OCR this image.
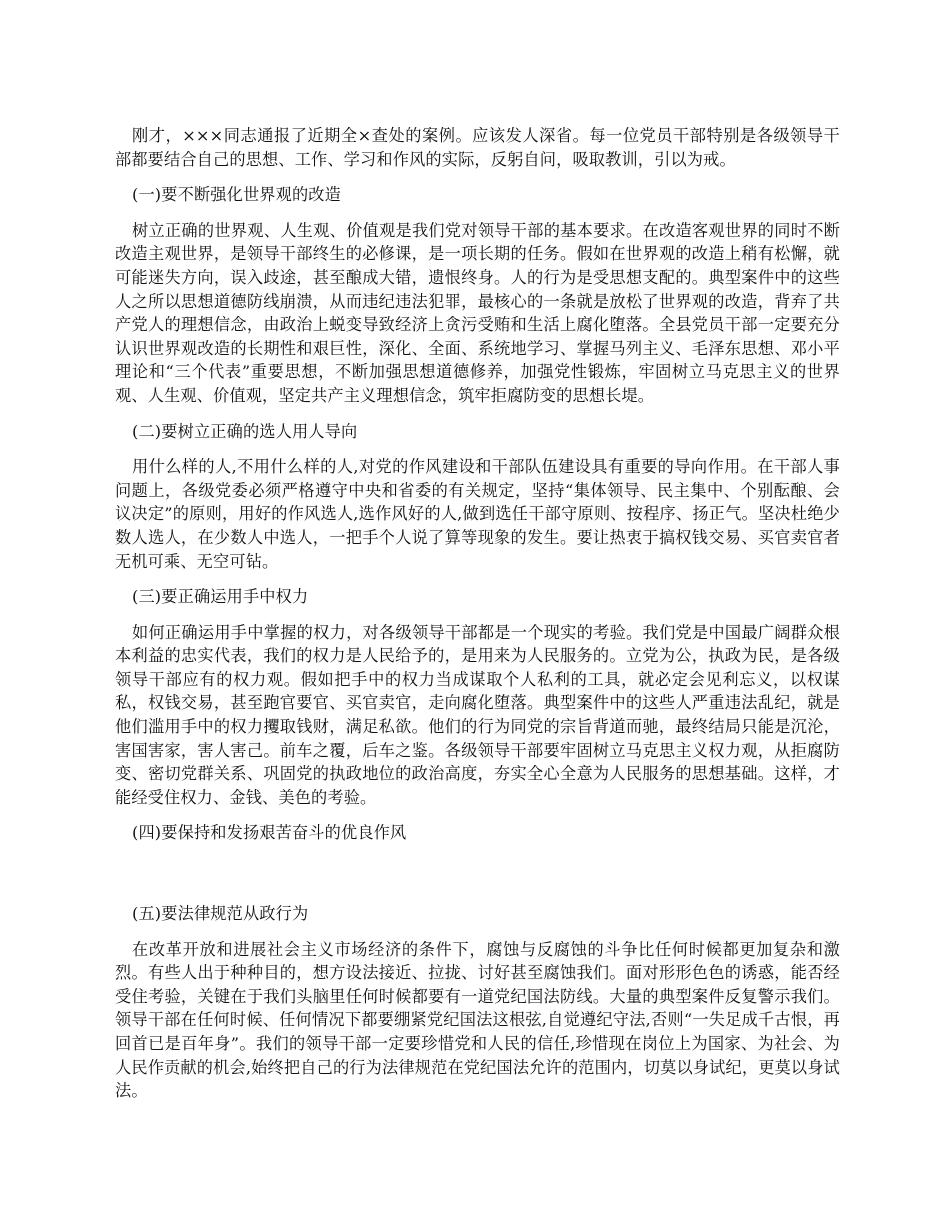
刚才，×××同志通报了近期全×查处的案例。应该发人深省。每一位党员干部特别是各级领导干部都要结合自己的思想、工作、学习和作风的实际，反躬自问，吸取教训，引以为戒。

(一)要不断强化世界观的改造

树立正确的世界观、人生观、价值观是我们党对领导干部的基本要求。在改造客观世界的同时不断改造主观世界，是领导干部终生的必修课，是一项长期的任务。假如在世界观的改造上稍有松懈，就可能迷失方向，误入歧途，甚至酿成大错，遗恨终身。人的行为是受思想支配的。典型案件中的这些人之所以思想道德防线崩溃，从而违纪违法犯罪，最核心的一条就是放松了世界观的改造，背弃了共产党人的理想信念，由政治上蜕变导致经济上贪污受贿和生活上腐化堕落。全县党员干部一定要充分认识世界观改造的长期性和艰巨性，深化、全面、系统地学习、掌握马列主义、毛泽东思想、邓小平理论和“三个代表”重要思想，不断加强思想道德修养，加强党性锻炼，牢固树立马克思主义的世界观、人生观、价值观，坚定共产主义理想信念，筑牢拒腐防变的思想长堤。

(二)要树立正确的选人用人导向

用什么样的人,不用什么样的人,对党的作风建设和干部队伍建设具有重要的导向作用。在干部人事问题上，各级党委必须严格遵守中央和省委的有关规定，坚持“集体领导、民主集中、个别酝酿、会议决定”的原则，用好的作风选人,选作风好的人,做到选任干部守原则、按程序、扬正气。坚决杜绝少数人选人，在少数人中选人，一把手个人说了算等现象的发生。要让热衷于搞权钱交易、买官卖官者无机可乘、无空可钻。

(三)要正确运用手中权力

如何正确运用手中掌握的权力，对各级领导干部都是一个现实的考验。我们党是中国最广阔群众根本利益的忠实代表，我们的权力是人民给予的，是用来为人民服务的。立党为公，执政为民，是各级领导干部应有的权力观。假如把手中的权力当成谋取个人私利的工具，就必定会见利忘义，以权谋私，权钱交易，甚至跑官要官、买官卖官，走向腐化堕落。典型案件中的这些人严重违法乱纪，就是他们滥用手中的权力攫取钱财，满足私欲。他们的行为同党的宗旨背道而驰，最终结局只能是沉沦，害国害家，害人害己。前车之覆，后车之鉴。各级领导干部要牢固树立马克思主义权力观，从拒腐防变、密切党群关系、巩固党的执政地位的政治高度，夯实全心全意为人民服务的思想基础。这样，才能经受住权力、金钱、美色的考验。

(四)要保持和发扬艰苦奋斗的优良作风

(五)要法律规范从政行为

在改革开放和进展社会主义市场经济的条件下，腐蚀与反腐蚀的斗争比任何时候都更加复杂和激烈。有些人出于种种目的，想方设法接近、拉拢、讨好甚至腐蚀我们。面对形形色色的诱惑，能否经受住考验，关键在于我们头脑里任何时候都要有一道党纪国法防线。大量的典型案件反复警示我们。领导干部在任何时候、任何情况下都要绷紧党纪国法这根弦,自觉遵纪守法,否则“一失足成千古恨，再回首已是百年身”。我们的领导干部一定要珍惜党和人民的信任,珍惜现在岗位上为国家、为社会、为人民作贡献的机会,始终把自己的行为法律规范在党纪国法允许的范围内，切莫以身试纪，更莫以身试法。
